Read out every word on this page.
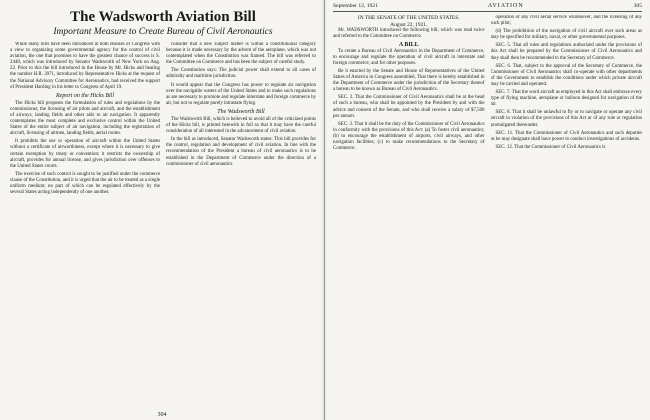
The Wadsworth Aviation Bill
Important Measure to Create Bureau of Civil Aeronautics

While many bills have been introduced in both Houses of Congress with a view to organizing some governmental agency for the control of civil aviation, the one that promises to have the greatest chance of success is S. 2448, which was introduced by Senator Wadsworth of New York on Aug. 22. Prior to this the bill introduced in the House by Mr. Hicks and bearing the number H.R. 3971, introduced by Representative Hicks at the request of the National Advisory Committee for Aeronautics, had received the support of President Harding in his letter to Congress of April 19.

Report on the Hicks Bill

The Hicks bill proposes the formulation of rules and regulations by the commissioner, the licensing of air pilots and aircraft, and the establishment of airways, landing fields and other aids to air navigation. It apparently contemplates the most complete and exclusive control within the United States of the entire subject of air navigation, including the registration of aircraft, licensing of airmen, landing fields, aerial routes.

It prohibits the use or operation of aircraft within the United States without a certificate of airworthiness, except where it is necessary to give certain exemption by treaty or convention; it restricts the ownership of aircraft, provides for annual license, and gives jurisdiction over offenses to the United States courts.

The exercise of such control is sought to be justified under the commerce clause of the Constitution, and it is urged that the air to be treated as a single uniform medium; no part of which can be regulated effectively by the several States acting independently of one another.

consider that a new subject matter is within a constitutional category because it is made necessary by the advent of the aeroplane, which was not contemplated when the Constitution was framed. The bill was referred to the Committee on Commerce and has been the subject of careful study.

The Constitution says: The judicial power shall extend to all cases of admiralty and maritime jurisdiction.

It would appear that the Congress has power to regulate air navigation over the navigable waters of the United States and to make such regulations as are necessary to promote and regulate interstate and foreign commerce by air, but not to regulate purely intrastate flying.

The Wadsworth Bill

The Wadsworth Bill, which is believed to avoid all of the criticized points of the Hicks bill, is printed herewith in full so that it may have the careful consideration of all interested in the advancement of civil aviation.

In the bill as introduced, Senator Wadsworth states: This bill provides for the control, regulation and development of civil aviation. In line with the recommendation of the President a bureau of civil aeronautics is to be established in the Department of Commerce under the direction of a commissioner of civil aeronautics.

304
September 12, 1921	AVIATION	305
IN THE SENATE OF THE UNITED STATES.
August 22, 1921.

Mr. WADSWORTH introduced the following bill; which was read twice and referred to the Committee on Commerce.

A BILL

To create a Bureau of Civil Aeronautics in the Department of Commerce, to encourage and regulate the operation of civil aircraft in interstate and foreign commerce, and for other purposes.

Be it enacted by the Senate and House of Representatives of the United States of America in Congress assembled, That there is hereby established in the Department of Commerce under the jurisdiction of the Secretary thereof a bureau to be known as Bureau of Civil Aeronautics.

SEC. 2. That the Commissioner of Civil Aeronautics shall be at the head of such a bureau, who shall be appointed by the President by and with the advice and consent of the Senate, and who shall receive a salary of $7,500 per annum.

SEC. 3. That it shall be the duty of the Commissioner of Civil Aeronautics in conformity with the provisions of this Act: (a) To foster civil aeronautics; (b) to encourage the establishment of airports, civil airways, and other navigation facilities; (c) to make recommendations to the Secretary of Commerce.

operation of any civil aerial service whatsoever, and the licensing of any such pilot;

(d) The prohibition of the navigation of civil aircraft over such areas as may be specified for military, naval, or other governmental purposes.

SEC. 5. That all rules and regulations authorized under the provisions of this Act shall be prepared by the Commissioner of Civil Aeronautics and they shall then be recommended to the Secretary of Commerce.

SEC. 6. That, subject to the approval of the Secretary of Commerce, the Commissioner of Civil Aeronautics shall co-operate with other departments of the Government to establish the conditions under which private aircraft may be carried and operated.

SEC. 7. That the word aircraft as employed in this Act shall embrace every type of flying machine, aeroplane or balloon designed for navigation of the air.

SEC. 8. That it shall be unlawful to fly or to navigate or operate any civil aircraft in violation of the provisions of this Act or of any rule or regulation promulgated thereunder.

SEC. 11. That the Commissioner of Civil Aeronautics and such deputies as he may designate shall have power to conduct investigations of accidents.

SEC. 12. That the Commissioner of Civil Aeronautics is
